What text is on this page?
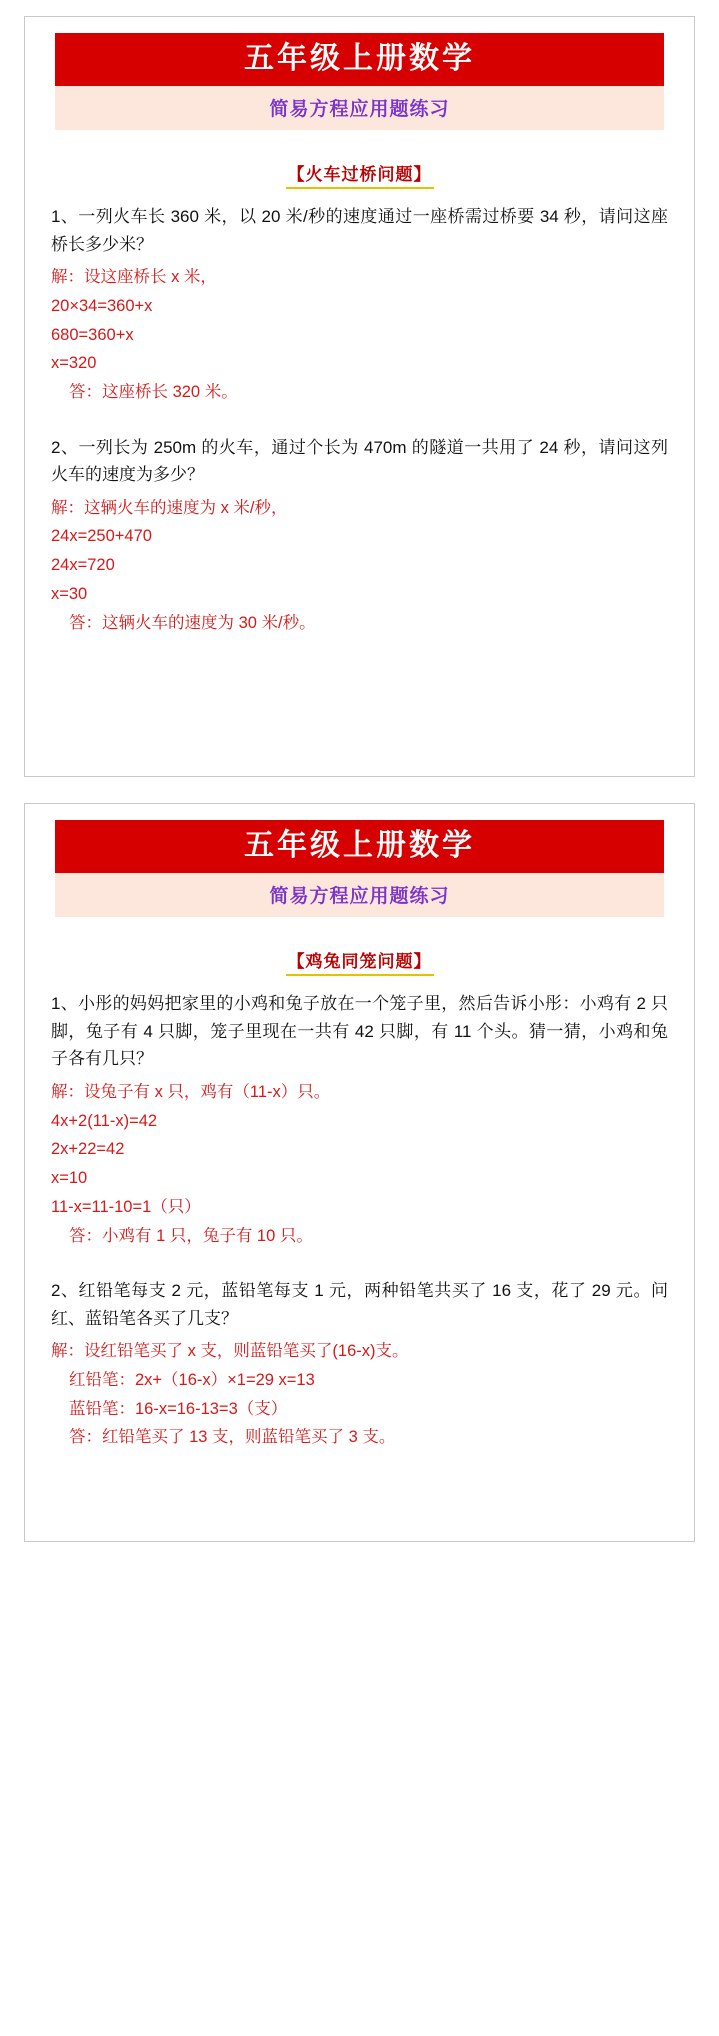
五年级上册数学
简易方程应用题练习
【火车过桥问题】
1、一列火车长 360 米，以 20 米/秒的速度通过一座桥需过桥要 34 秒，请问这座桥长多少米？
解：设这座桥长 x 米，
20×34=360+x
680=360+x
x=320
答：这座桥长 320 米。
2、一列长为 250m 的火车，通过个长为 470m 的隧道一共用了 24 秒，请问这列火车的速度为多少？
解：这辆火车的速度为 x 米/秒，
24x=250+470
24x=720
x=30
答：这辆火车的速度为 30 米/秒。
五年级上册数学
简易方程应用题练习
【鸡兔同笼问题】
1、小彤的妈妈把家里的小鸡和兔子放在一个笼子里，然后告诉小彤：小鸡有 2 只脚，兔子有 4 只脚，笼子里现在一共有 42 只脚，有 11 个头。猜一猜，小鸡和兔子各有几只？
解：设兔子有 x 只，鸡有（11-x）只。
4x+2(11-x)=42
2x+22=42
x=10
11-x=11-10=1（只）
答：小鸡有 1 只，兔子有 10 只。
2、红铅笔每支 2 元，蓝铅笔每支 1 元，两种铅笔共买了 16 支，花了 29 元。问红、蓝铅笔各买了几支？
解：设红铅笔买了 x 支，则蓝铅笔买了(16-x)支。
红铅笔：2x+（16-x）×1=29 x=13
蓝铅笔：16-x=16-13=3（支）
答：红铅笔买了 13 支，则蓝铅笔买了 3 支。
